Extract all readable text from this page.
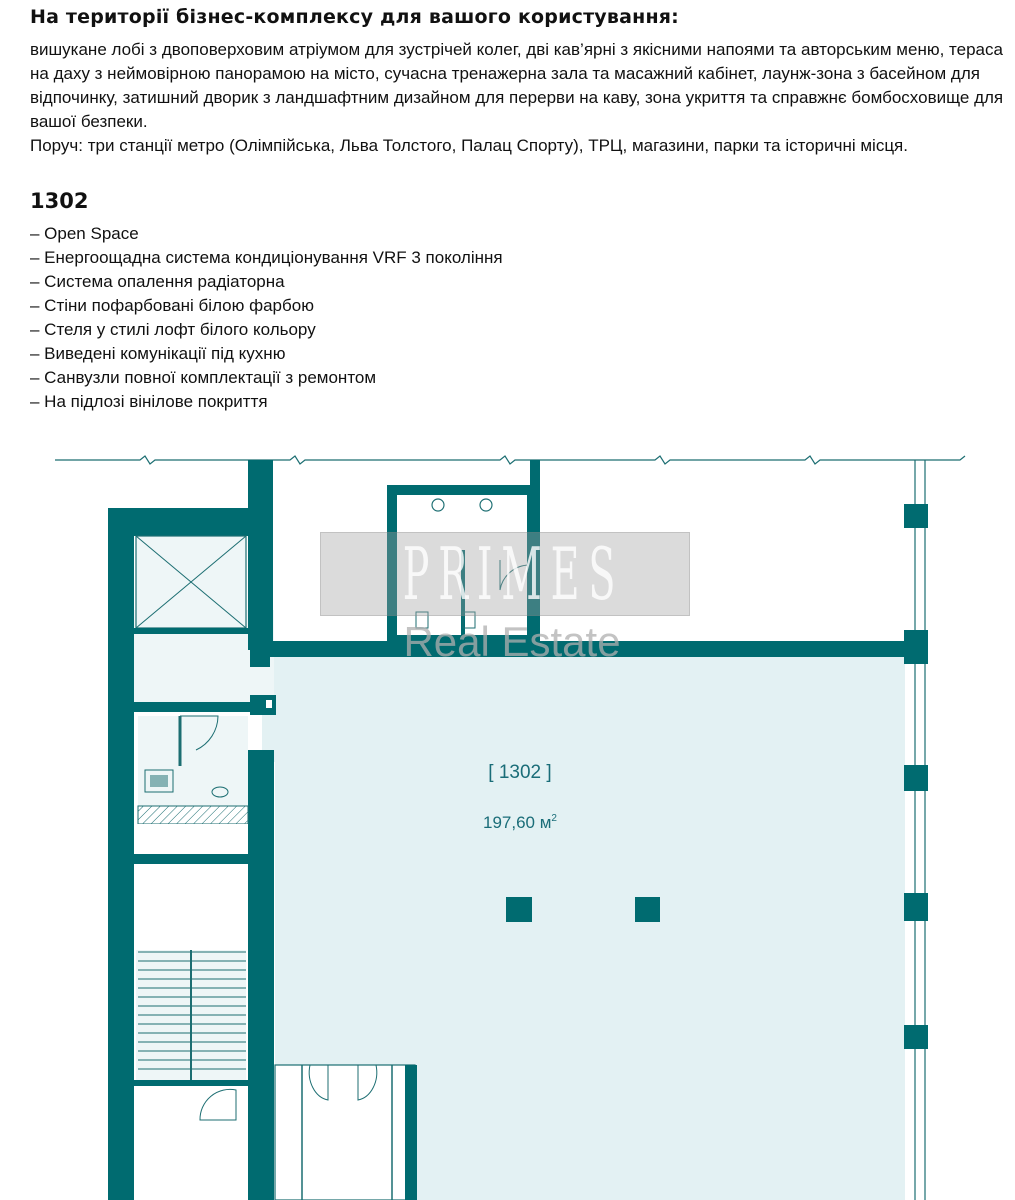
На території бізнес-комплексу для вашого користування:

вишукане лобі з двоповерховим атріумом для зустрічей колег, дві кав’ярні з якісними напоями та авторським меню, тераса на даху з неймовірною панорамою на місто, сучасна тренажерна зала та масажний кабінет, лаунж-зона з басейном для відпочинку, затишний дворик з ландшафтним дизайном для перерви на каву, зона укриття та справжнє бомбосховище для вашої безпеки.

Поруч: три станції метро (Олімпійська, Льва Толстого, Палац Спорту), ТРЦ, магазини, парки та історичні місця.

1302
– Open Space
– Енергоощадна система кондиціонування VRF 3 покоління
– Система опалення радіаторна
– Стіни пофарбовані білою фарбою
– Стеля у стилі лофт білого кольору
– Виведені комунікації під кухню
– Санвузли повної комплектації з ремонтом
– На підлозі вінілове покриття
[ 1302 ]
197,60 $м^2$
PRIMES
Real Estate
